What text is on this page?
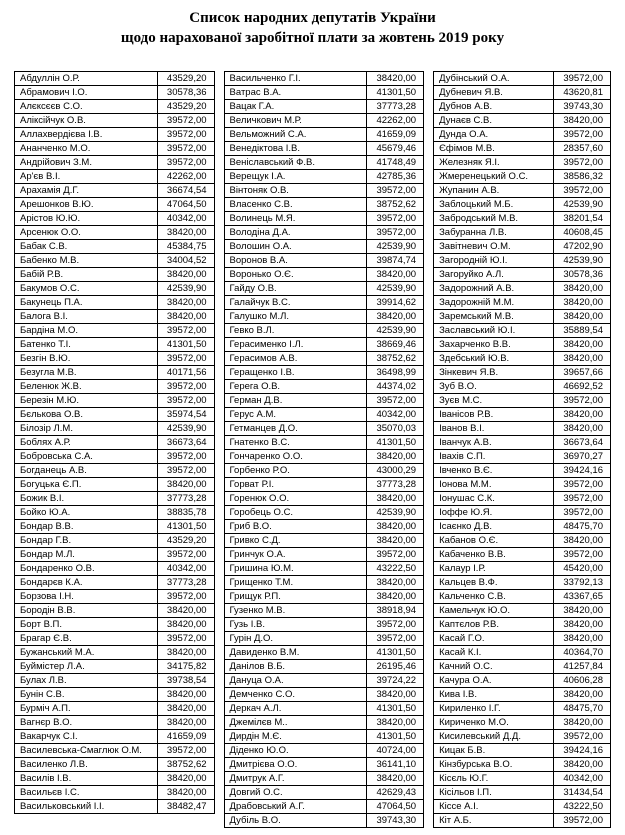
Список народних депутатів України
щодо нарахованої заробітної плати за жовтень 2019 року
Абдуллін О.Р.	43529,20
Абрамович І.О.	30578,36
Алєксєєв С.О.	43529,20
Аліксійчук О.В.	39572,00
Аллахвердієва І.В.	39572,00
Ананченко М.О.	39572,00
Андрійович З.М.	39572,00
Ар'єв В.І.	42262,00
Арахамія Д.Г.	36674,54
Арешонков В.Ю.	47064,50
Арістов Ю.Ю.	40342,00
Арсенюк О.О.	38420,00
Бабак С.В.	45384,75
Бабенко М.В.	34004,52
Бабій Р.В.	38420,00
Бакумов О.С.	42539,90
Бакунець П.А.	38420,00
Балога В.І.	38420,00
Бардіна М.О.	39572,00
Батенко Т.І.	41301,50
Безгін В.Ю.	39572,00
Безугла М.В.	40171,56
Беленюк Ж.В.	39572,00
Березін М.Ю.	39572,00
Бєлькова О.В.	35974,54
Білозір Л.М.	42539,90
Боблях А.Р.	36673,64
Бобровська С.А.	39572,00
Богданець А.В.	39572,00
Богуцька Є.П.	38420,00
Божик В.І.	37773,28
Бойко Ю.А.	38835,78
Бондар В.В.	41301,50
Бондар Г.В.	43529,20
Бондар М.Л.	39572,00
Бондаренко О.В.	40342,00
Бондарєв К.А.	37773,28
Борзова І.Н.	39572,00
Бородін В.В.	38420,00
Борт В.П.	38420,00
Брагар Є.В.	39572,00
Бужанський М.А.	38420,00
Буймістер Л.А.	34175,82
Булах Л.В.	39738,54
Бунін С.В.	38420,00
Бурміч А.П.	38420,00
Вагнєр В.О.	38420,00
Вакарчук С.І.	41659,09
Василевська-Смаглюк О.М.	39572,00
Василенко Л.В.	38752,62
Василів І.В.	38420,00
Васильєв І.С.	38420,00
Васильковський І.І.	38482,47
Васильченко Г.І.	38420,00
Ватрас В.А.	41301,50
Вацак Г.А.	37773,28
Величкович М.Р.	42262,00
Вельможний С.А.	41659,09
Венедіктова І.В.	45679,46
Веніславський Ф.В.	41748,49
Верещук І.А.	42785,36
Вінтоняк О.В.	39572,00
Власенко С.В.	38752,62
Волинець М.Я.	39572,00
Володіна Д.А.	39572,00
Волошин О.А.	42539,90
Воронов В.А.	39874,74
Воронько О.Є.	38420,00
Гайду О.В.	42539,90
Галайчук В.С.	39914,62
Галушко М.Л.	38420,00
Гевко В.Л.	42539,90
Герасименко І.Л.	38669,46
Герасимов А.В.	38752,62
Геращенко І.В.	36498,99
Герега О.В.	44374,02
Герман Д.В.	39572,00
Герус А.М.	40342,00
Гетманцев Д.О.	35070,03
Гнатенко В.С.	41301,50
Гончаренко О.О.	38420,00
Горбенко Р.О.	43000,29
Горват Р.І.	37773,28
Горенюк О.О.	38420,00
Горобець О.С.	42539,90
Гриб В.О.	38420,00
Гривко С.Д.	38420,00
Гринчук О.А.	39572,00
Гришина Ю.М.	43222,50
Грищенко Т.М.	38420,00
Грищук Р.П.	38420,00
Гузенко М.В.	38918,94
Гузь І.В.	39572,00
Гурін Д.О.	39572,00
Давиденко В.М.	41301,50
Данілов В.Б.	26195,46
Дануца О.А.	39724,22
Демченко С.О.	38420,00
Деркач А.Л.	41301,50
Джемілєв М..	38420,00
Дирдін М.Є.	41301,50
Діденко Ю.О.	40724,00
Дмитрієва О.О.	36141,10
Дмитрук А.Г.	38420,00
Довгий О.С.	42629,43
Драбовський А.Г.	47064,50
Дубіль В.О.	39743,30
Дубінський О.А.	39572,00
Дубневич Я.В.	43620,81
Дубнов А.В.	39743,30
Дунаєв С.В.	38420,00
Дунда О.А.	39572,00
Єфімов М.В.	28357,60
Железняк Я.І.	39572,00
Жмеренецький О.С.	38586,32
Жупанин А.В.	39572,00
Заблоцький М.Б.	42539,90
Забродський М.В.	38201,54
Забуранна Л.В.	40608,45
Завітневич О.М.	47202,90
Загородній Ю.І.	42539,90
Загоруйко А.Л.	30578,36
Задорожний А.В.	38420,00
Задорожній М.М.	38420,00
Заремський М.В.	38420,00
Заславський Ю.І.	35889,54
Захарченко В.В.	38420,00
Здебський Ю.В.	38420,00
Зінкевич Я.В.	39657,66
Зуб В.О.	46692,52
Зуєв М.С.	39572,00
Іванісов Р.В.	38420,00
Іванов В.І.	38420,00
Іванчук А.В.	36673,64
Івахів С.П.	36970,27
Івченко В.Є.	39424,16
Іонова М.М.	39572,00
Іонушас С.К.	39572,00
Іоффе Ю.Я.	39572,00
Ісаєнко Д.В.	48475,70
Кабанов О.Є.	38420,00
Кабаченко В.В.	39572,00
Калаур І.Р.	45420,00
Кальцев В.Ф.	33792,13
Кальченко С.В.	43367,65
Камельчук Ю.О.	38420,00
Каптєлов Р.В.	38420,00
Касай Г.О.	38420,00
Касай К.І.	40364,70
Качний О.С.	41257,84
Качура О.А.	40606,28
Кива І.В.	38420,00
Кириленко І.Г.	48475,70
Кириченко М.О.	38420,00
Кисилевський Д.Д.	39572,00
Кицак Б.В.	39424,16
Кінзбурська В.О.	38420,00
Кісєль Ю.Г.	40342,00
Кісільов І.П.	31434,54
Кіссе А.І.	43222,50
Кіт А.Б.	39572,00
